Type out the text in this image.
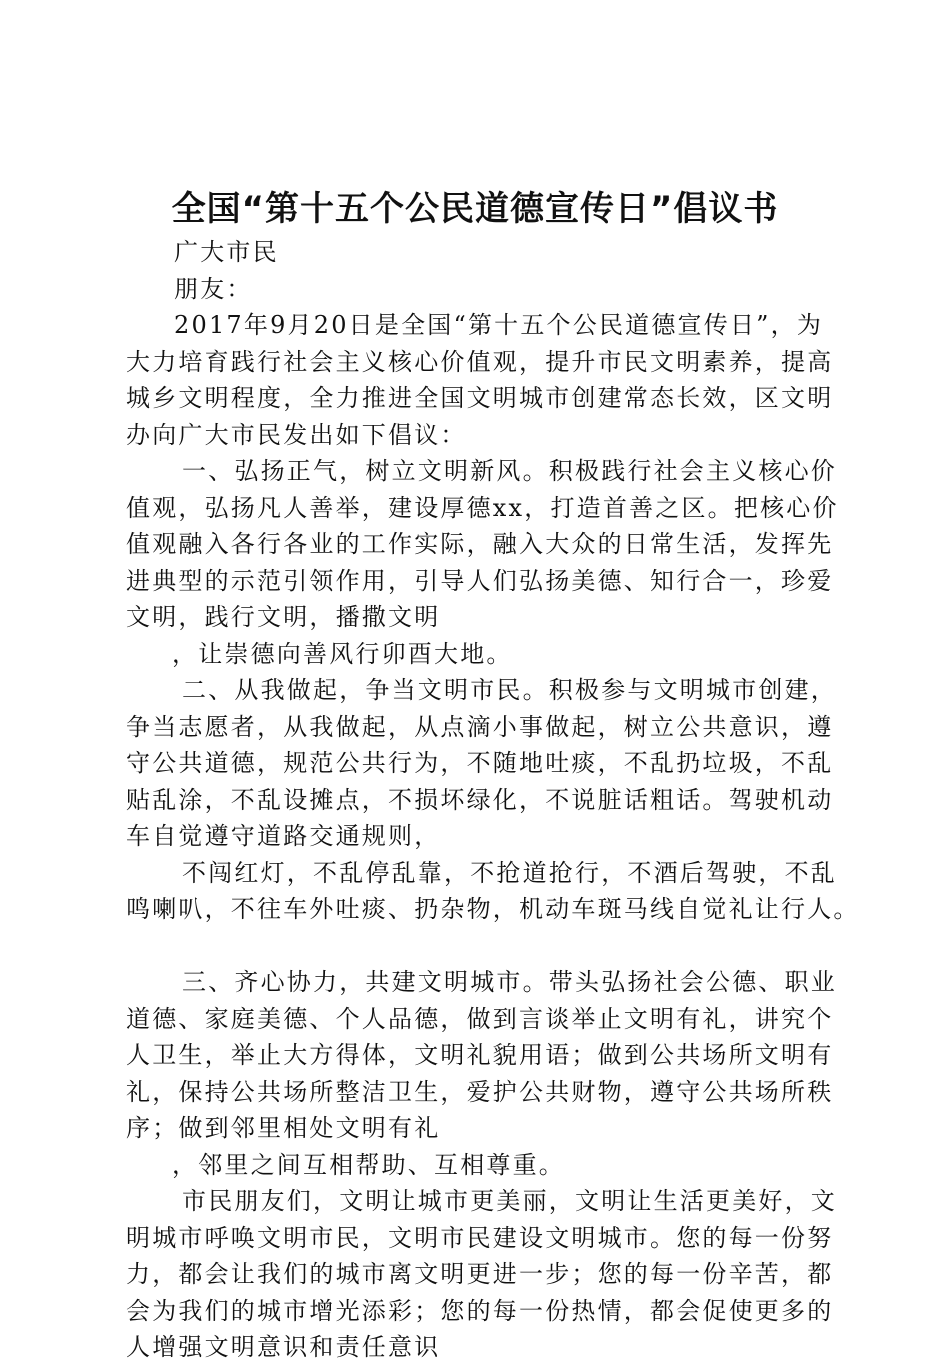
全国“第十五个公民道德宣传日”倡议书
广大市民
朋友：
2017年9月20日是全国“第十五个公民道德宣传日”，为
大力培育践行社会主义核心价值观，提升市民文明素养，提高
城乡文明程度，全力推进全国文明城市创建常态长效，区文明
办向广大市民发出如下倡议：
一、弘扬正气，树立文明新风。积极践行社会主义核心价
值观，弘扬凡人善举，建设厚德xx，打造首善之区。把核心价
值观融入各行各业的工作实际，融入大众的日常生活，发挥先
进典型的示范引领作用，引导人们弘扬美德、知行合一，珍爱
文明，践行文明，播撒文明
，让崇德向善风行卯酉大地。
二、从我做起，争当文明市民。积极参与文明城市创建，
争当志愿者，从我做起，从点滴小事做起，树立公共意识，遵
守公共道德，规范公共行为，不随地吐痰，不乱扔垃圾，不乱
贴乱涂，不乱设摊点，不损坏绿化，不说脏话粗话。驾驶机动
车自觉遵守道路交通规则，
不闯红灯，不乱停乱靠，不抢道抢行，不酒后驾驶，不乱
鸣喇叭，不往车外吐痰、扔杂物，机动车斑马线自觉礼让行人。
三、齐心协力，共建文明城市。带头弘扬社会公德、职业
道德、家庭美德、个人品德，做到言谈举止文明有礼，讲究个
人卫生，举止大方得体，文明礼貌用语；做到公共场所文明有
礼，保持公共场所整洁卫生，爱护公共财物，遵守公共场所秩
序；做到邻里相处文明有礼
，邻里之间互相帮助、互相尊重。
市民朋友们，文明让城市更美丽，文明让生活更美好，文
明城市呼唤文明市民，文明市民建设文明城市。您的每一份努
力，都会让我们的城市离文明更进一步；您的每一份辛苦，都
会为我们的城市增光添彩；您的每一份热情，都会促使更多的
人增强文明意识和责任意识
